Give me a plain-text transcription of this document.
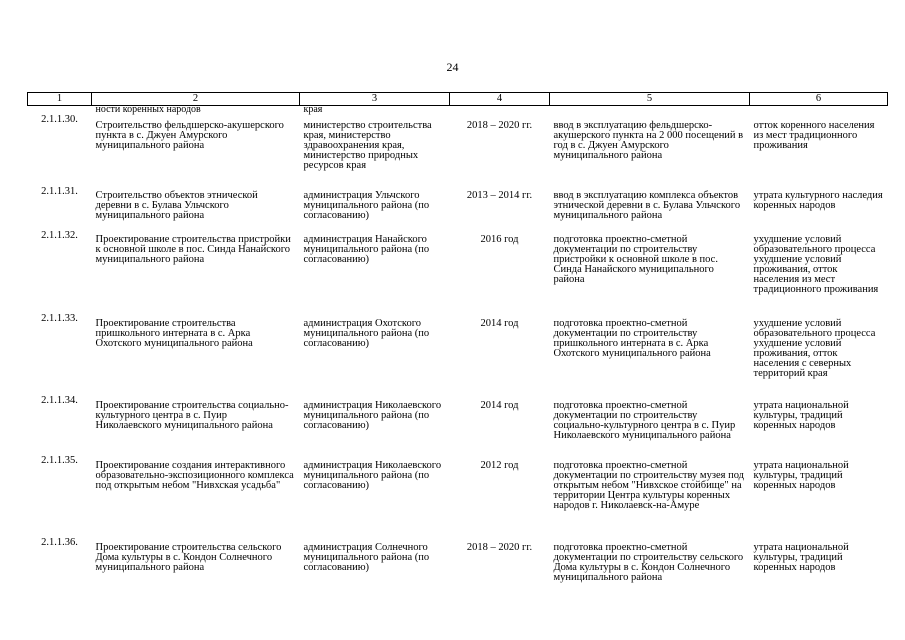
24
1	2	3	4	5	6
	ности коренных народов	края			
2.1.1.30.	Строительство фельдшерско-акушерского пункта в с. Джуен Амурского муниципального района	министерство строительства края, министерство здравоохранения края, министерство природных ресурсов края	2018 – 2020 гг.	ввод в эксплуатацию фельдшерско-акушерского пункта на 2 000 посещений в год в с. Джуен Амурского муниципального района	отток коренного населения из мест традиционного проживания
2.1.1.31.	Строительство объектов этнической деревни в с. Булава Ульчского муниципального района	администрация Ульчского муниципального района (по согласованию)	2013 – 2014 гг.	ввод в эксплуатацию комплекса объектов этнической деревни в с. Булава Ульчского муниципального района	утрата культурного наследия коренных народов
2.1.1.32.	Проектирование строительства пристройки к основной школе в пос. Синда Нанайского муниципального района	администрация Нанайского муниципального района (по согласованию)	2016 год	подготовка проектно-сметной документации по строительству пристройки к основной школе в пос. Синда Нанайского муниципального района	ухудшение условий образовательного процесса ухудшение условий проживания, отток населения из мест традиционного проживания
2.1.1.33.	Проектирование строительства пришкольного интерната в с. Арка Охотского муниципального района	администрация Охотского муниципального района (по согласованию)	2014 год	подготовка проектно-сметной документации по строительству пришкольного интерната в с. Арка Охотского муниципального района	ухудшение условий образовательного процесса ухудшение условий проживания, отток населения с северных территорий края
2.1.1.34.	Проектирование строительства социально-культурного центра в с. Пуир Николаевского муниципального района	администрация Николаевского муниципального района (по согласованию)	2014 год	подготовка проектно-сметной документации по строительству социально-культурного центра в с. Пуир Николаевского муниципального района	утрата национальной культуры, традиций коренных народов
2.1.1.35.	Проектирование создания интерактивного образовательно-экспозиционного комплекса под открытым небом "Нивхская усадьба"	администрация Николаевского муниципального района (по согласованию)	2012 год	подготовка проектно-сметной документации по строительству музея под открытым небом "Нивхское стойбище" на территории Центра культуры коренных народов г. Николаевск-на-Амуре	утрата национальной культуры, традиций коренных народов
2.1.1.36.	Проектирование строительства сельского Дома культуры в с. Кондон Солнечного муниципального района	администрация Солнечного муниципального района (по согласованию)	2018 – 2020 гг.	подготовка проектно-сметной документации по строительству сельского Дома культуры в с. Кондон Солнечного муниципального района	утрата национальной культуры, традиций коренных народов
